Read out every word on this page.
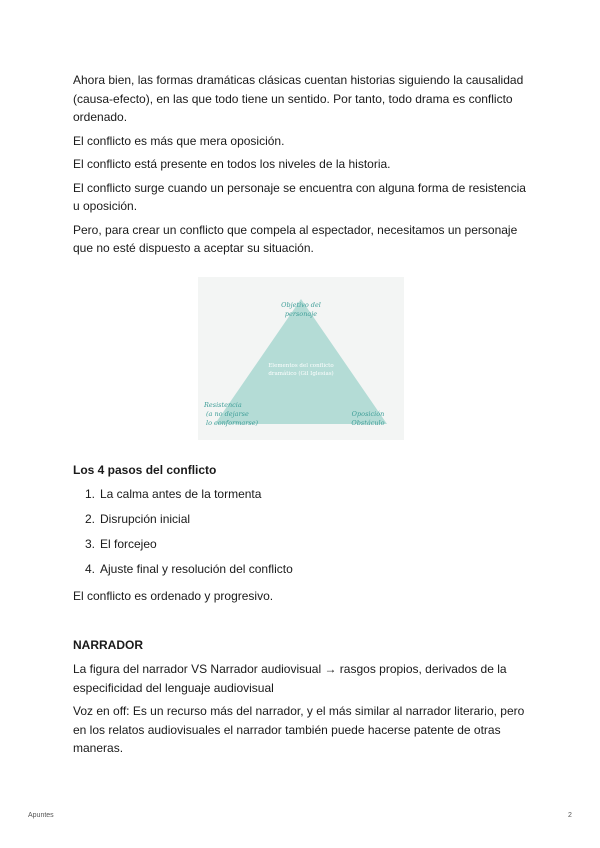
Ahora bien, las formas dramáticas clásicas cuentan historias siguiendo la causalidad (causa-efecto), en las que todo tiene un sentido. Por tanto, todo drama es conflicto ordenado.

El conflicto es más que mera oposición.

El conflicto está presente en todos los niveles de la historia.

El conflicto surge cuando un personaje se encuentra con alguna forma de resistencia u oposición.

Pero, para crear un conflicto que compela al espectador, necesitamos un personaje que no esté dispuesto a aceptar su situación.

Objetivo del
personaje
Elementos del conflicto
dramático (Gil Iglesias)
Resistencia
(a no dejarse
lo conformarse)
Oposición
Obstáculo
Los 4 pasos del conflicto
1. La calma antes de la tormenta
2. Disrupción inicial
3. El forcejeo
4. Ajuste final y resolución del conflicto

El conflicto es ordenado y progresivo.

NARRADOR

La figura del narrador VS Narrador audiovisual → rasgos propios, derivados de la especificidad del lenguaje audiovisual

Voz en off: Es un recurso más del narrador, y el más similar al narrador literario, pero en los relatos audiovisuales el narrador también puede hacerse patente de otras maneras.

Apuntes	2
